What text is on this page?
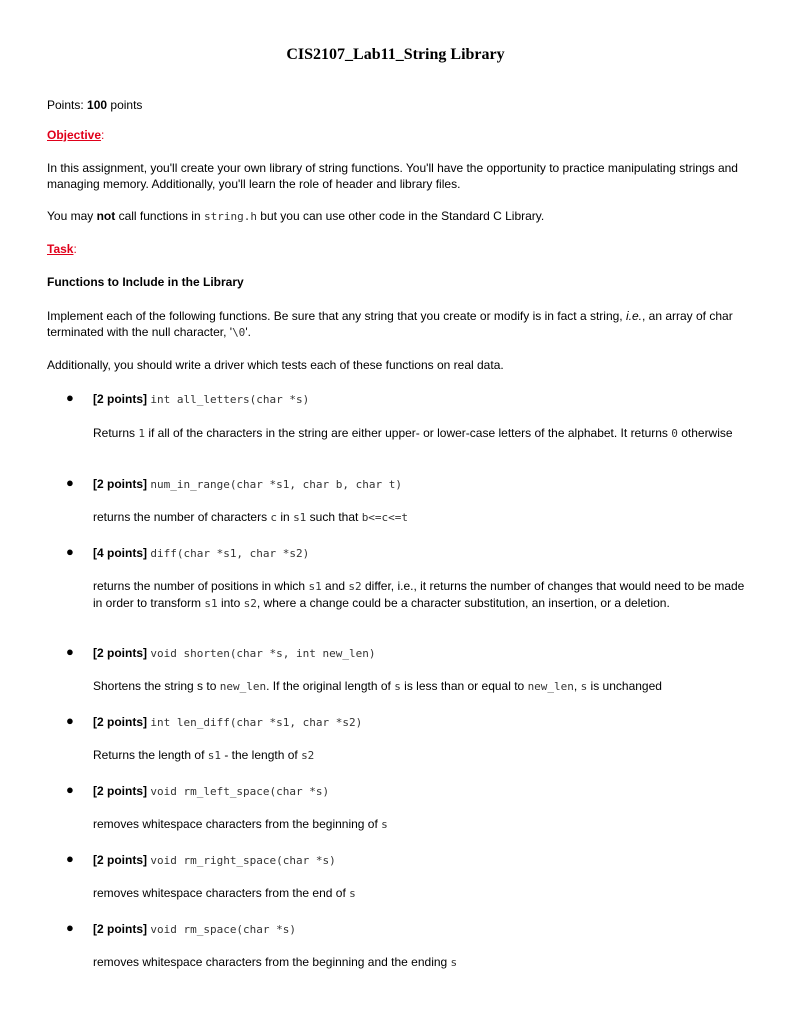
CIS2107_Lab11_String Library

Points: 100 points

Objective:

In this assignment, you'll create your own library of string functions. You'll have the opportunity to practice manipulating strings and managing memory. Additionally, you'll learn the role of header and library files.

You may not call functions in string.h but you can use other code in the Standard C Library.

Task:

Functions to Include in the Library

Implement each of the following functions. Be sure that any string that you create or modify is in fact a string, i.e., an array of char terminated with the null character, '\0'.

Additionally, you should write a driver which tests each of these functions on real data.

● [2 points] int all_letters(char *s)

Returns 1 if all of the characters in the string are either upper- or lower-case letters of the alphabet. It returns 0 otherwise

● [2 points] num_in_range(char *s1, char b, char t)

returns the number of characters c in s1 such that b<=c<=t

● [4 points] diff(char *s1, char *s2)

returns the number of positions in which s1 and s2 differ, i.e., it returns the number of changes that would need to be made in order to transform s1 into s2, where a change could be a character substitution, an insertion, or a deletion.

● [2 points] void shorten(char *s, int new_len)

Shortens the string s to new_len. If the original length of s is less than or equal to new_len, s is unchanged

● [2 points] int len_diff(char *s1, char *s2)

Returns the length of s1 - the length of s2

● [2 points] void rm_left_space(char *s)

removes whitespace characters from the beginning of s

● [2 points] void rm_right_space(char *s)

removes whitespace characters from the end of s

● [2 points] void rm_space(char *s)

removes whitespace characters from the beginning and the ending s
